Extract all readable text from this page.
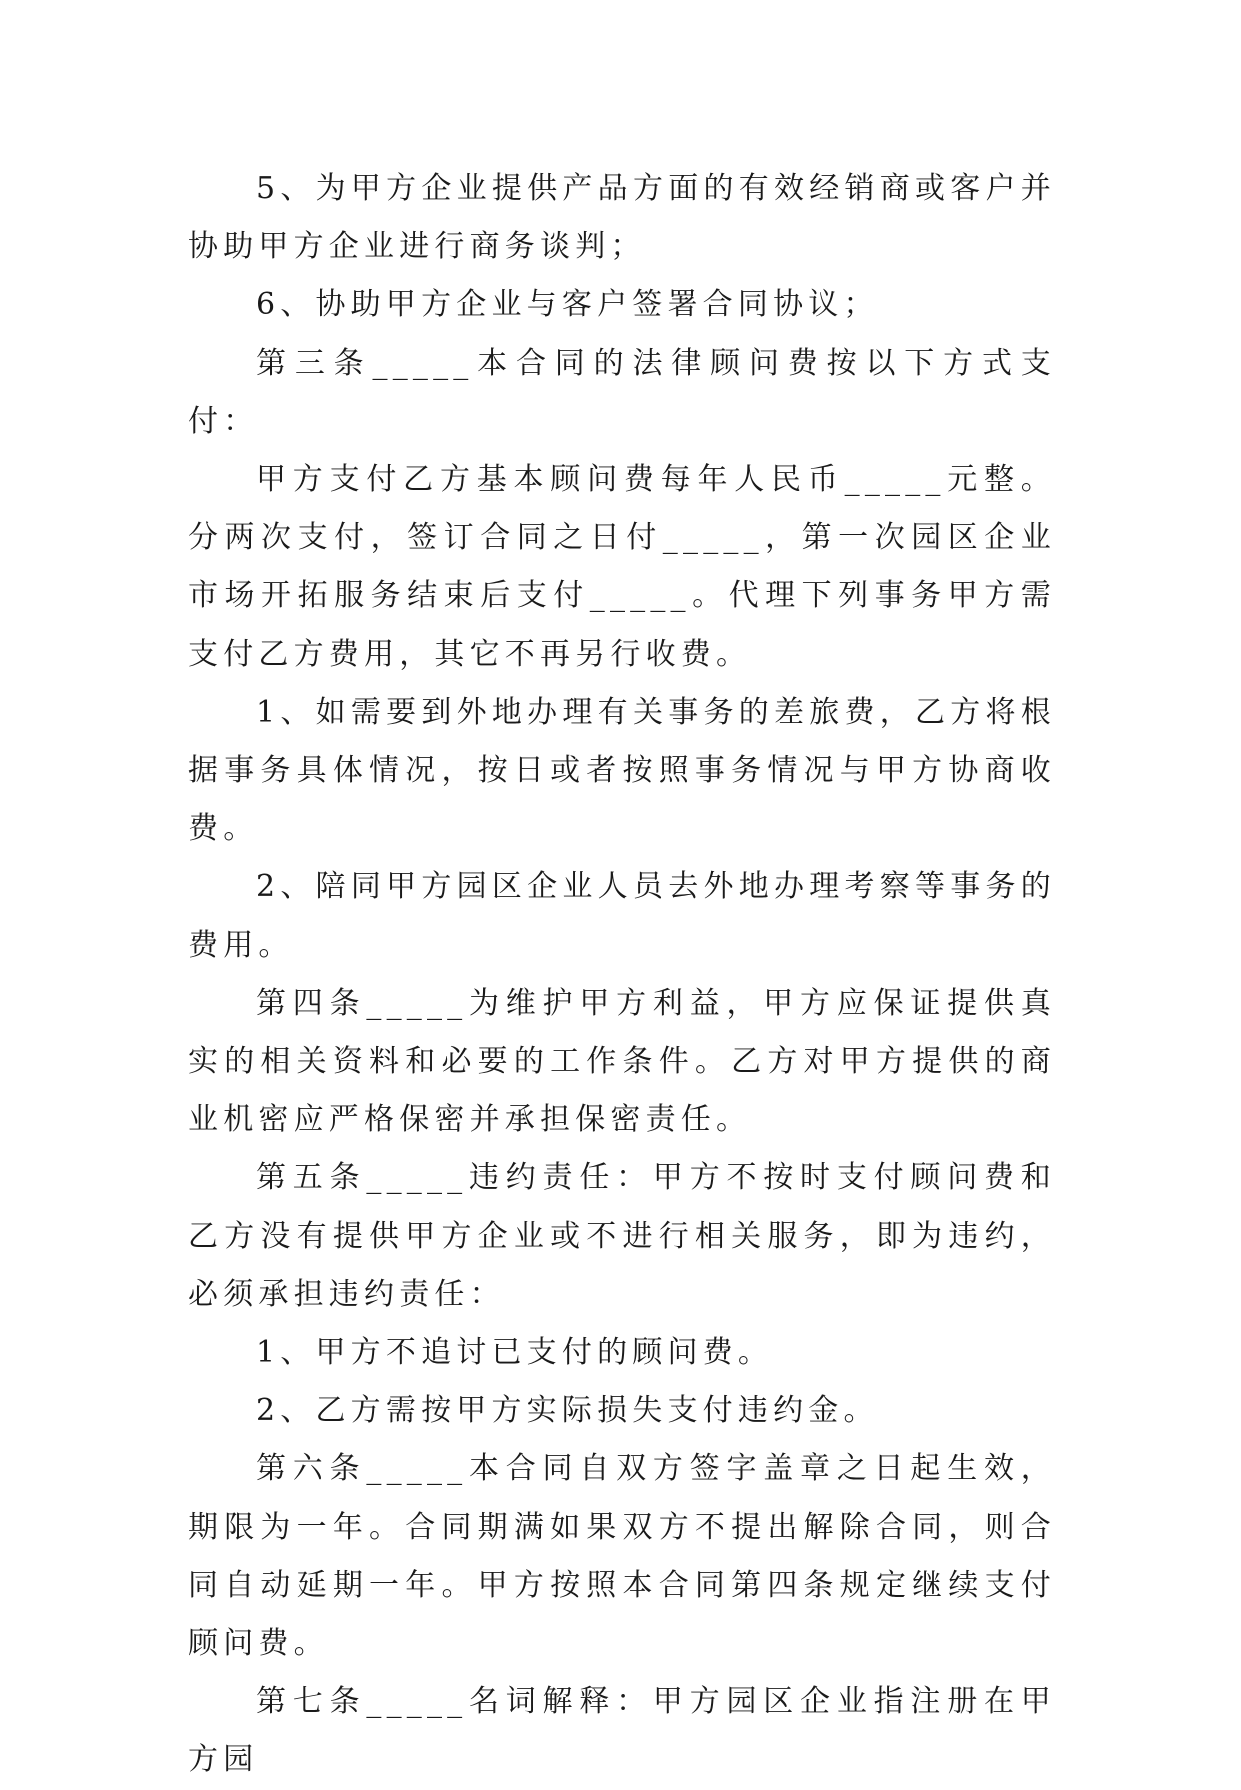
5、为甲方企业提供产品方面的有效经销商或客户并协助甲方企业进行商务谈判；

6、协助甲方企业与客户签署合同协议；

第三条_____本合同的法律顾问费按以下方式支付：

甲方支付乙方基本顾问费每年人民币_____元整。分两次支付，签订合同之日付_____，第一次园区企业市场开拓服务结束后支付_____。代理下列事务甲方需支付乙方费用，其它不再另行收费。

1、如需要到外地办理有关事务的差旅费，乙方将根据事务具体情况，按日或者按照事务情况与甲方协商收费。

2、陪同甲方园区企业人员去外地办理考察等事务的费用。

第四条_____为维护甲方利益，甲方应保证提供真实的相关资料和必要的工作条件。乙方对甲方提供的商业机密应严格保密并承担保密责任。

第五条_____违约责任：甲方不按时支付顾问费和乙方没有提供甲方企业或不进行相关服务，即为违约，必须承担违约责任：

1、甲方不追讨已支付的顾问费。

2、乙方需按甲方实际损失支付违约金。

第六条_____本合同自双方签字盖章之日起生效，期限为一年。合同期满如果双方不提出解除合同，则合同自动延期一年。甲方按照本合同第四条规定继续支付顾问费。

第七条_____名词解释：甲方园区企业指注册在甲方园
